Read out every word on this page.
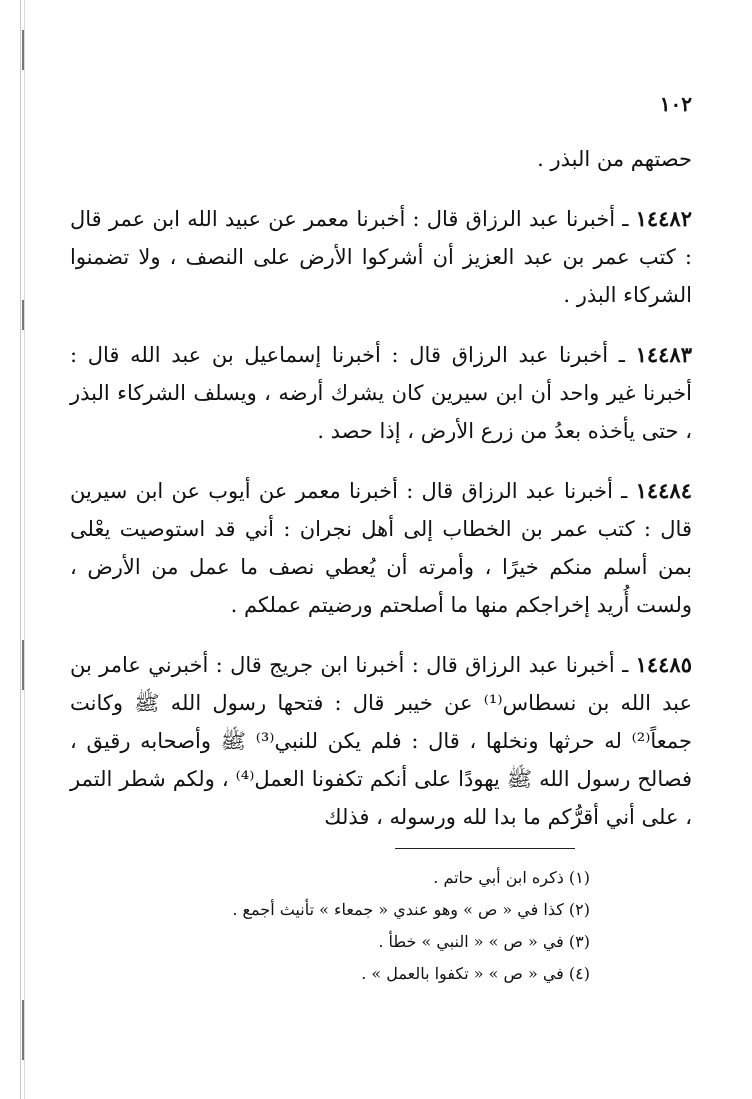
١٠٢

حصتهم من البذر .

١٤٤٨٢ ـ أخبرنا عبد الرزاق قال : أخبرنا معمر عن عبيد الله ابن عمر قال : كتب عمر بن عبد العزيز أن أشركوا الأرض على النصف ، ولا تضمنوا الشركاء البذر .

١٤٤٨٣ ـ أخبرنا عبد الرزاق قال : أخبرنا إسماعيل بن عبد الله قال : أخبرنا غير واحد أن ابن سيرين كان يشرك أرضه ، ويسلف الشركاء البذر ، حتى يأخذه بعدُ من زرع الأرض ، إذا حصد .

١٤٤٨٤ ـ أخبرنا عبد الرزاق قال : أخبرنا معمر عن أيوب عن ابن سيرين قال : كتب عمر بن الخطاب إلى أهل نجران : أني قد استوصيت يعْلى بمن أسلم منكم خيرًا ، وأمرته أن يُعطي نصف ما عمل من الأرض ، ولست أُريد إخراجكم منها ما أصلحتم ورضيتم عملكم .

١٤٤٨٥ ـ أخبرنا عبد الرزاق قال : أخبرنا ابن جريج قال : أخبرني عامر بن عبد الله بن نسطاس⁽¹⁾ عن خيبر قال : فتحها رسول الله ﷺ وكانت جمعاً⁽²⁾ له حرثها ونخلها ، قال : فلم يكن للنبي⁽³⁾ ﷺ وأصحابه رقيق ، فصالح رسول الله ﷺ يهودًا على أنكم تكفونا العمل⁽⁴⁾ ، ولكم شطر التمر ، على أني أقرُّكم ما بدا لله ورسوله ، فذلك

(١) ذكره ابن أبي حاتم .

(٢) كذا في « ص » وهو عندي « جمعاء » تأنيث أجمع .

(٣) في « ص » « النبي » خطأ .

(٤) في « ص » « تكفوا بالعمل » .
